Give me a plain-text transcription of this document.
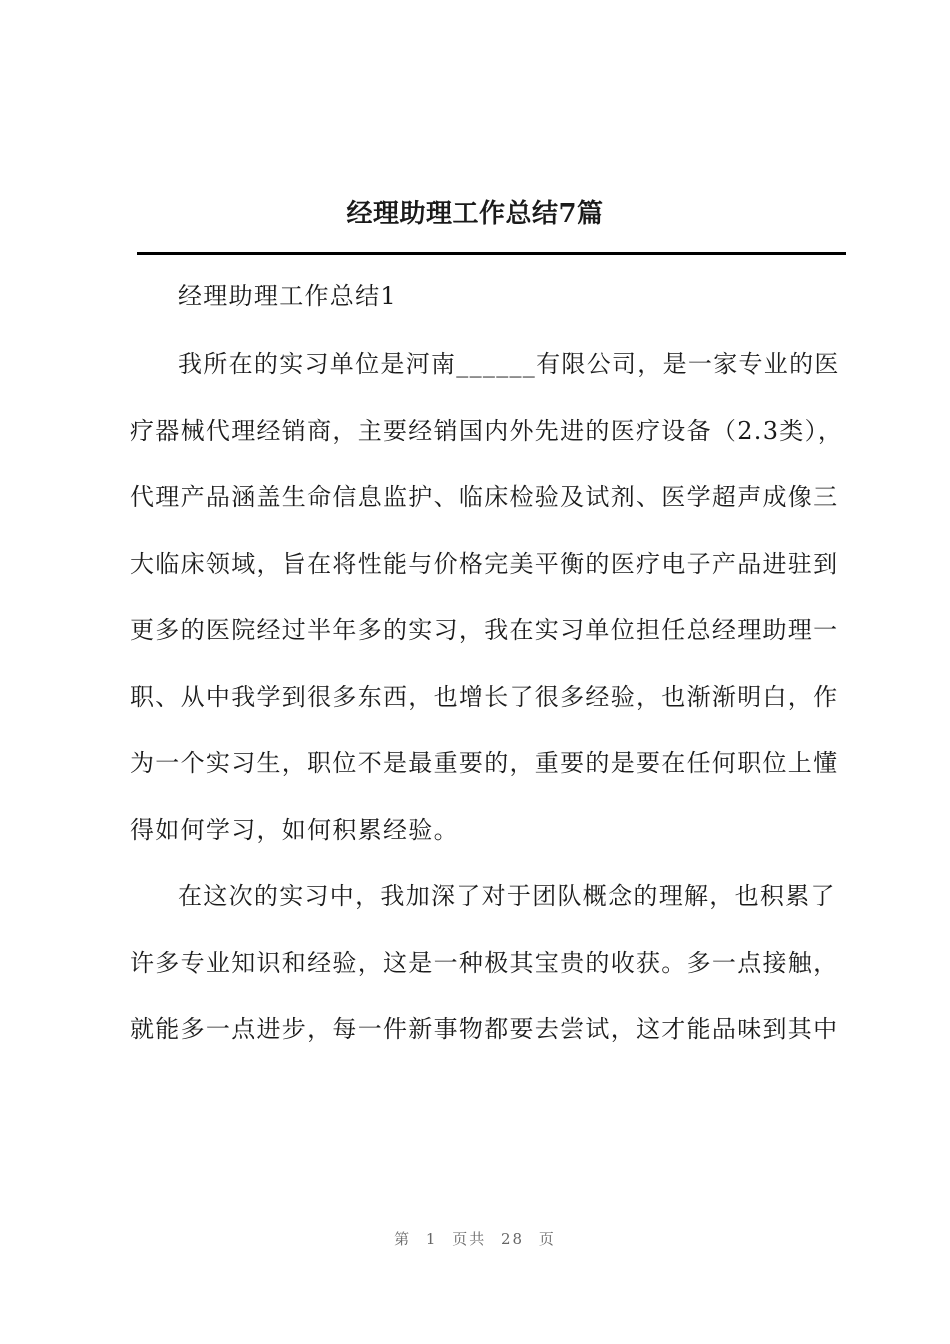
经理助理工作总结7篇
经理助理工作总结1
我所在的实习单位是河南______有限公司，是一家专业的医
疗器械代理经销商，主要经销国内外先进的医疗设备（2.3类），
代理产品涵盖生命信息监护、临床检验及试剂、医学超声成像三
大临床领域，旨在将性能与价格完美平衡的医疗电子产品进驻到
更多的医院经过半年多的实习，我在实习单位担任总经理助理一
职、从中我学到很多东西，也增长了很多经验，也渐渐明白，作
为一个实习生，职位不是最重要的，重要的是要在任何职位上懂
得如何学习，如何积累经验。
在这次的实习中，我加深了对于团队概念的理解，也积累了
许多专业知识和经验，这是一种极其宝贵的收获。多一点接触，
就能多一点进步，每一件新事物都要去尝试，这才能品味到其中
第 1 页共 28 页
